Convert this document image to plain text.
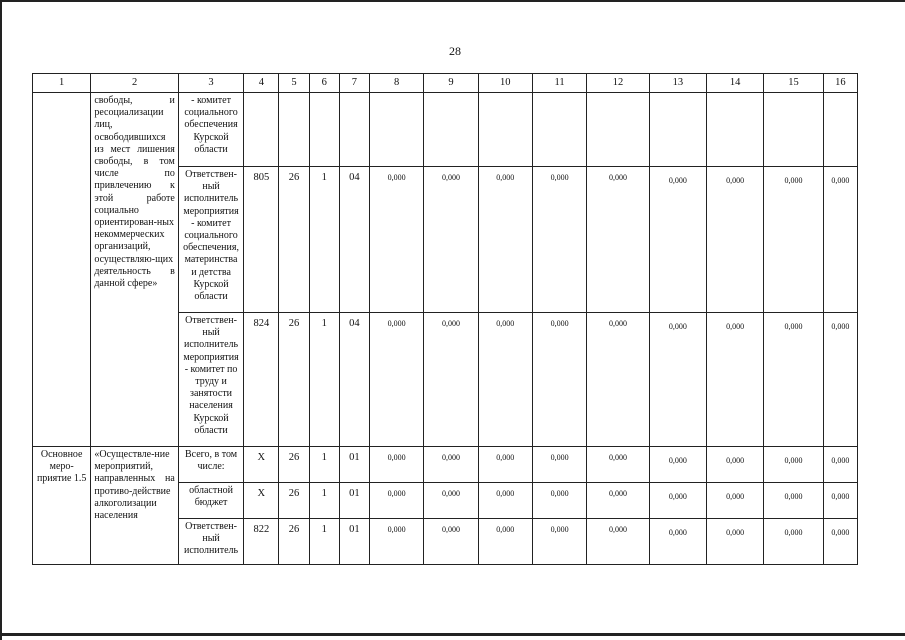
28
1	2	3	4	5	6	7	8	9	10	11	12	13	14	15	16
	свободы, и ресоциализации лиц, освободившихся из мест лишения свободы, в том числе по привлечению к этой работе социально ориентирован-ных некоммерческих организаций, осуществляю-щих деятельность в данной сфере»	- комитет социального обеспечения Курской области													
		Ответствен-ный исполнитель мероприятия - комитет социального обеспечения, материнства и детства Курской области	805	26	1	04	0,000	0,000	0,000	0,000	0,000	0,000	0,000	0,000	0,000
		Ответствен-ный исполнитель мероприятия - комитет по труду и занятости населения Курской области	824	26	1	04	0,000	0,000	0,000	0,000	0,000	0,000	0,000	0,000	0,000
Основное меро-приятие 1.5	«Осуществле-ние мероприятий, направленных на противо-действие алкоголизации населения	Всего, в том числе:	X	26	1	01	0,000	0,000	0,000	0,000	0,000	0,000	0,000	0,000	0,000
		областной бюджет	X	26	1	01	0,000	0,000	0,000	0,000	0,000	0,000	0,000	0,000	0,000
		Ответствен-ный исполнитель	822	26	1	01	0,000	0,000	0,000	0,000	0,000	0,000	0,000	0,000	0,000
